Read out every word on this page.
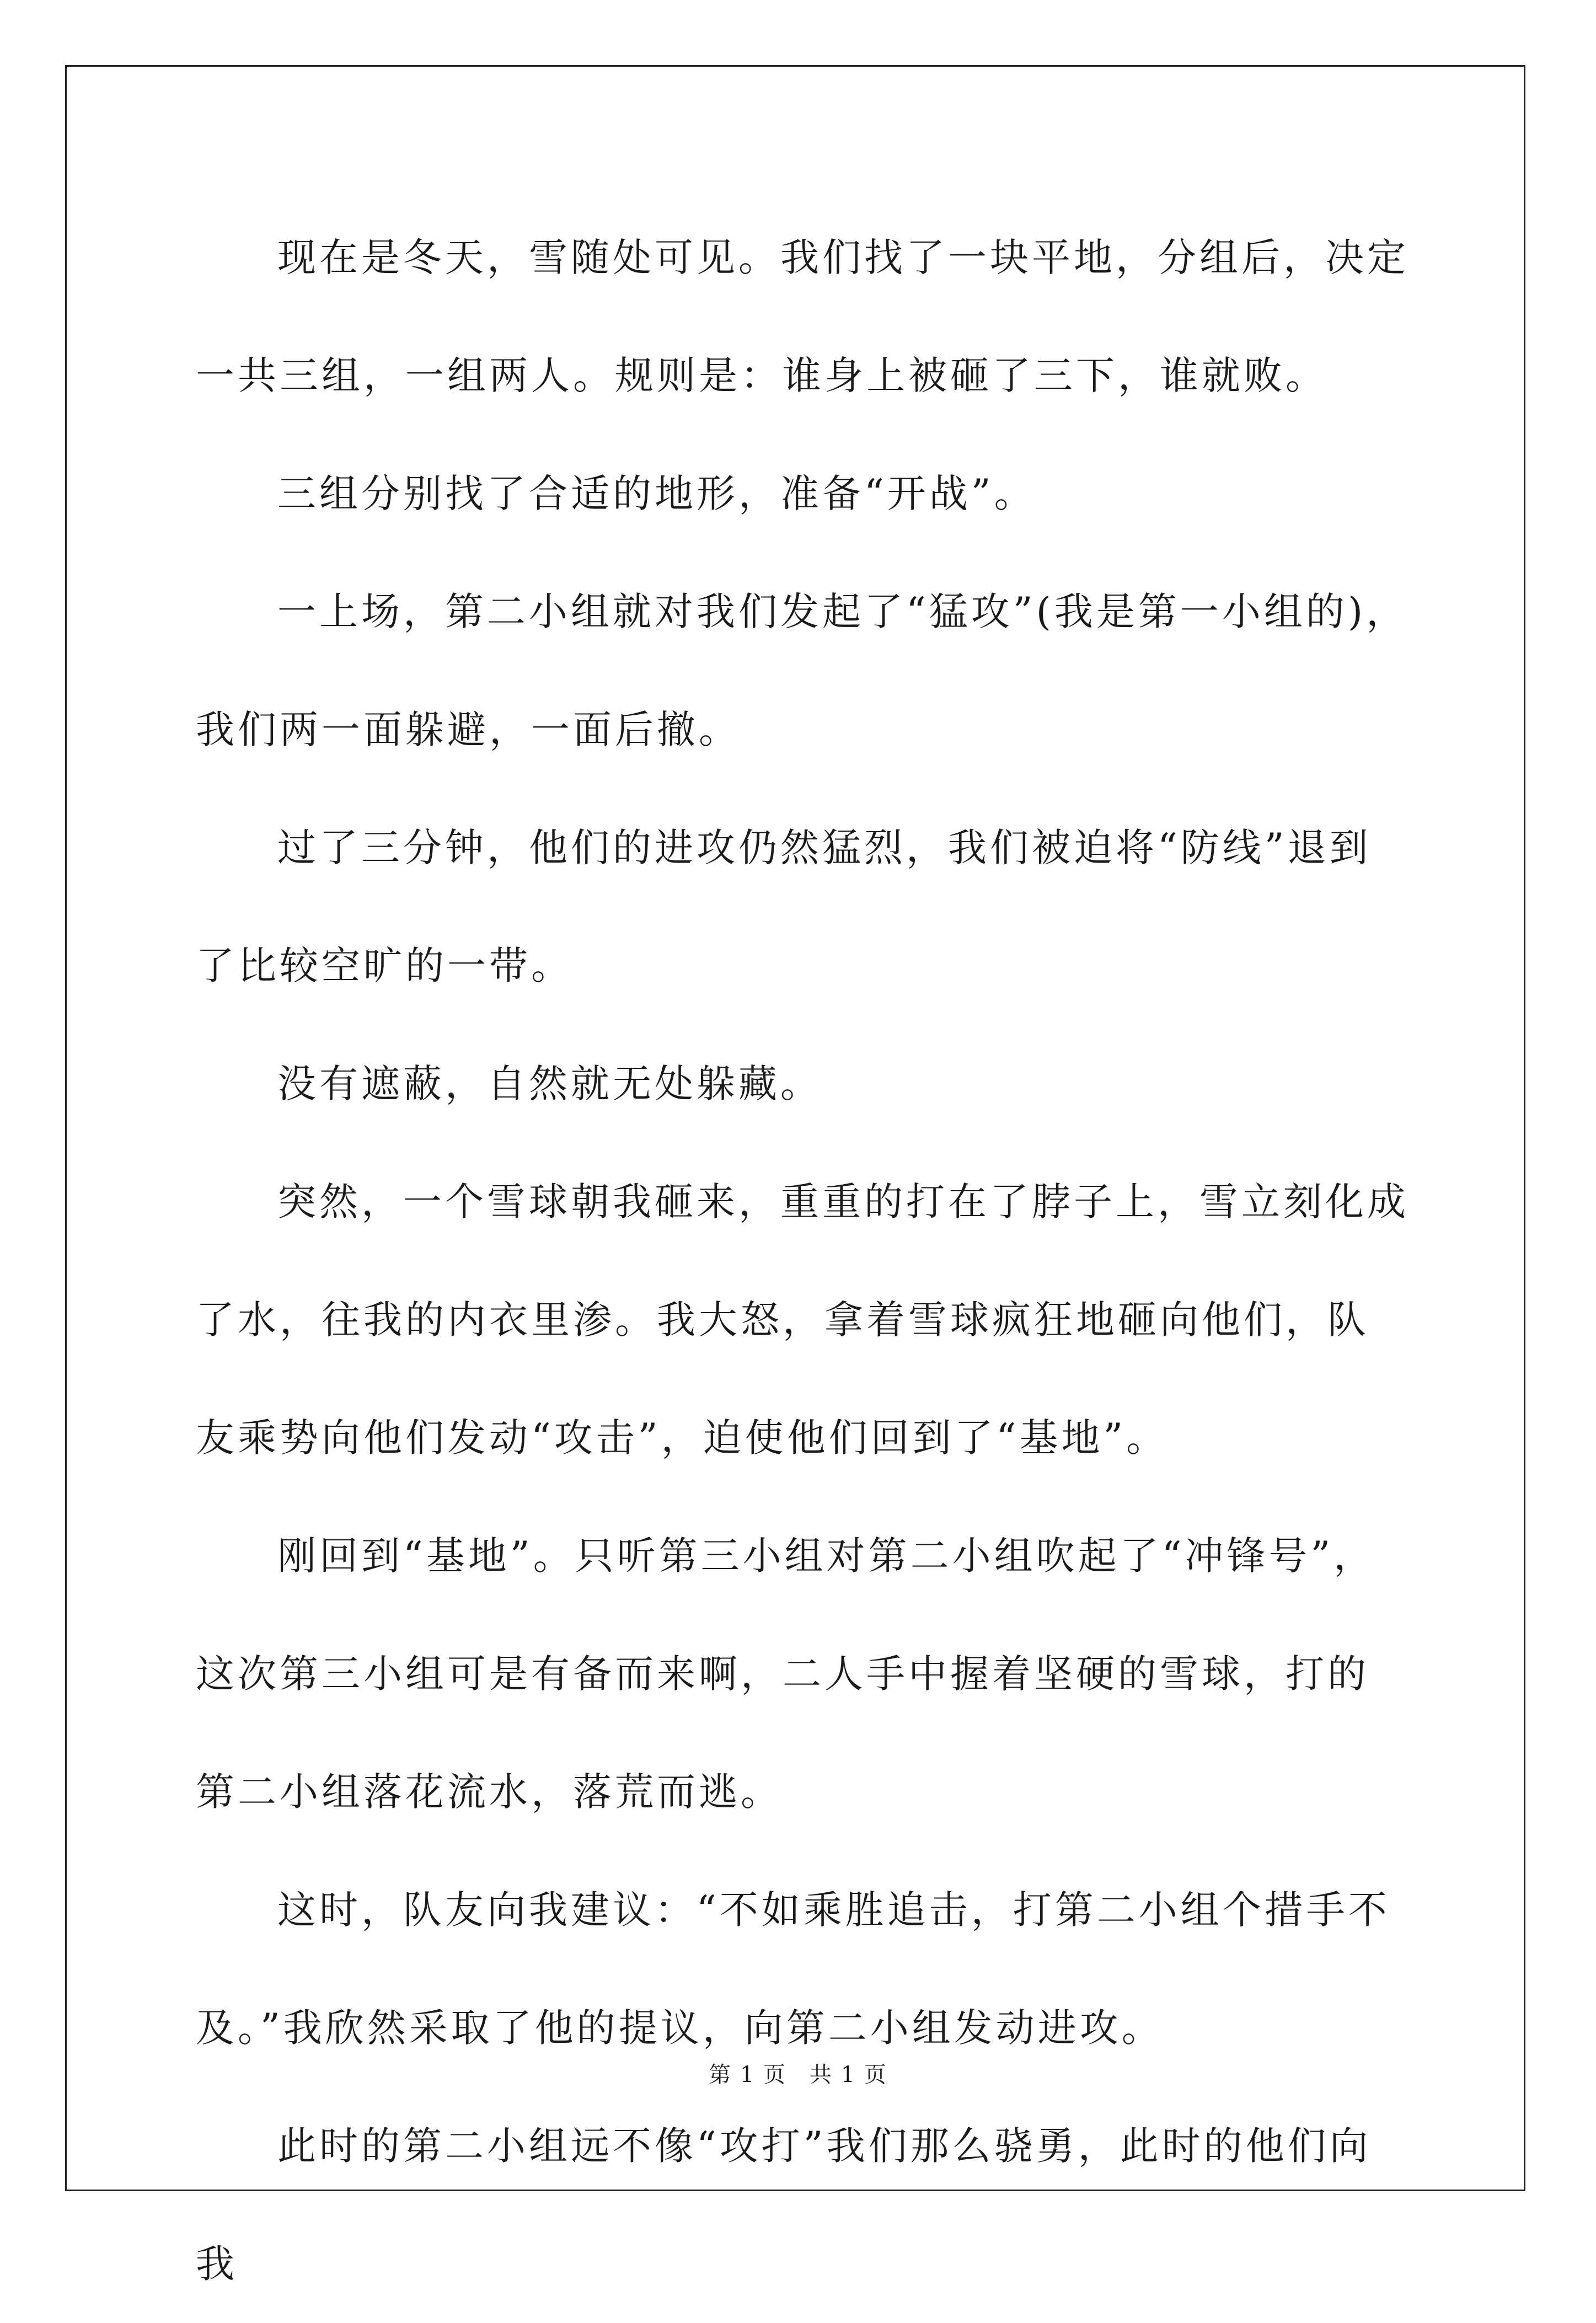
现在是冬天，雪随处可见。我们找了一块平地，分组后，决定一共三组，一组两人。规则是：谁身上被砸了三下，谁就败。

三组分别找了合适的地形，准备“开战”。

一上场，第二小组就对我们发起了“猛攻”(我是第一小组的)，我们两一面躲避，一面后撤。

过了三分钟，他们的进攻仍然猛烈，我们被迫将“防线”退到了比较空旷的一带。

没有遮蔽，自然就无处躲藏。

突然，一个雪球朝我砸来，重重的打在了脖子上，雪立刻化成了水，往我的内衣里渗。我大怒，拿着雪球疯狂地砸向他们，队友乘势向他们发动“攻击”，迫使他们回到了“基地”。

刚回到“基地”。只听第三小组对第二小组吹起了“冲锋号”，这次第三小组可是有备而来啊，二人手中握着坚硬的雪球，打的第二小组落花流水，落荒而逃。

这时，队友向我建议：“不如乘胜追击，打第二小组个措手不及。”我欣然采取了他的提议，向第二小组发动进攻。

此时的第二小组远不像“攻打”我们那么骁勇，此时的他们向我

第 1 页　共 1 页
